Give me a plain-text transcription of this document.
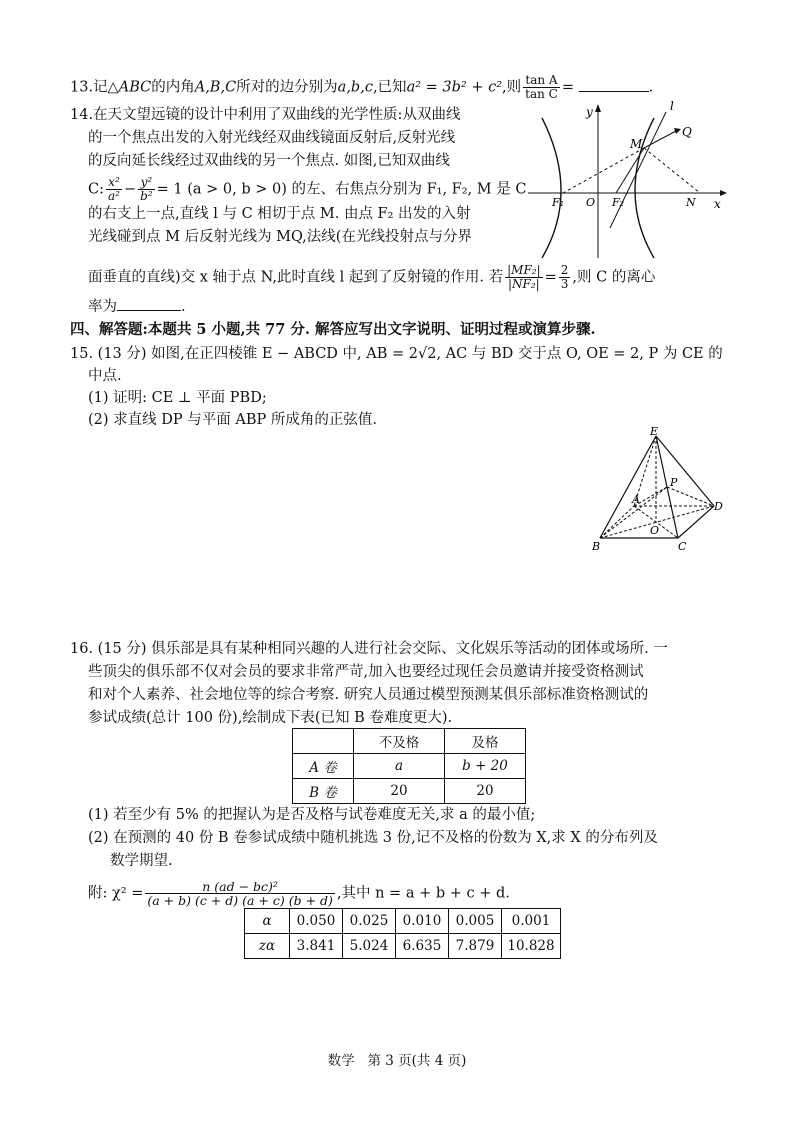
13.记△ABC的内角A,B,C所对的边分别为a,b,c,已知a² = 3b² + c²,则 $\frac{\text{tan A}}{\text{tan C}}$ =	.
14.在天文望远镜的设计中利用了双曲线的光学性质:从双曲线
的一个焦点出发的入射光线经双曲线镜面反射后,反射光线
的反向延长线经过双曲线的另一个焦点. 如图,已知双曲线
C: $\frac{\text{x²}}{\text{a²}} - \frac{\text{y²}}{\text{b²}} = 1$ (a > 0, b > 0) 的左、右焦点分别为 F₁, F₂, M 是 C
的右支上一点,直线 l 与 C 相切于点 M. 由点 F₂ 出发的入射
光线碰到点 M 后反射光线为 MQ,法线(在光线投射点与分界
面垂直的直线)交 x 轴于点 N,此时直线 l 起到了反射镜的作用. 若 $\frac{\text{|MF₂|}}{\text{|NF₂|}} = \frac{2}{3}$ ,则 C 的离心
率为	.
y
x
l
Q
M
F₁ O F₂	N
四、解答题:本题共 5 小题,共 77 分. 解答应写出文字说明、证明过程或演算步骤.
15. (13 分) 如图,在正四棱锥 E − ABCD 中, AB = 2√2, AC 与 BD 交于点 O, OE = 2, P 为 CE 的
中点.
(1) 证明: CE ⊥ 平面 PBD;
(2) 求直线 DP 与平面 ABP 所成角的正弦值.
E
P
A
D
O
B	C
16. (15 分) 俱乐部是具有某种相同兴趣的人进行社会交际、文化娱乐等活动的团体或场所. 一
些顶尖的俱乐部不仅对会员的要求非常严苛,加入也要经过现任会员邀请并接受资格测试
和对个人素养、社会地位等的综合考察. 研究人员通过模型预测某俱乐部标准资格测试的
参试成绩(总计 100 份),绘制成下表(已知 B 卷难度更大).
	不及格	及格
A 卷	a	b + 20
B 卷	20	20
(1) 若至少有 5% 的把握认为是否及格与试卷难度无关,求 a 的最小值;
(2) 在预测的 40 份 B 卷参试成绩中随机挑选 3 份,记不及格的份数为 X,求 X 的分布列及
数学期望.
附: $\chi^2 = \frac{\text{n (ad − bc)²}}{(a + b) (c + d) (a + c) (b + d)}$ ,其中 n = a + b + c + d.
α	0.050	0.025	0.010	0.005	0.001
zα	3.841	5.024	6.635	7.879	10.828
数学   第 3 页(共 4 页)
